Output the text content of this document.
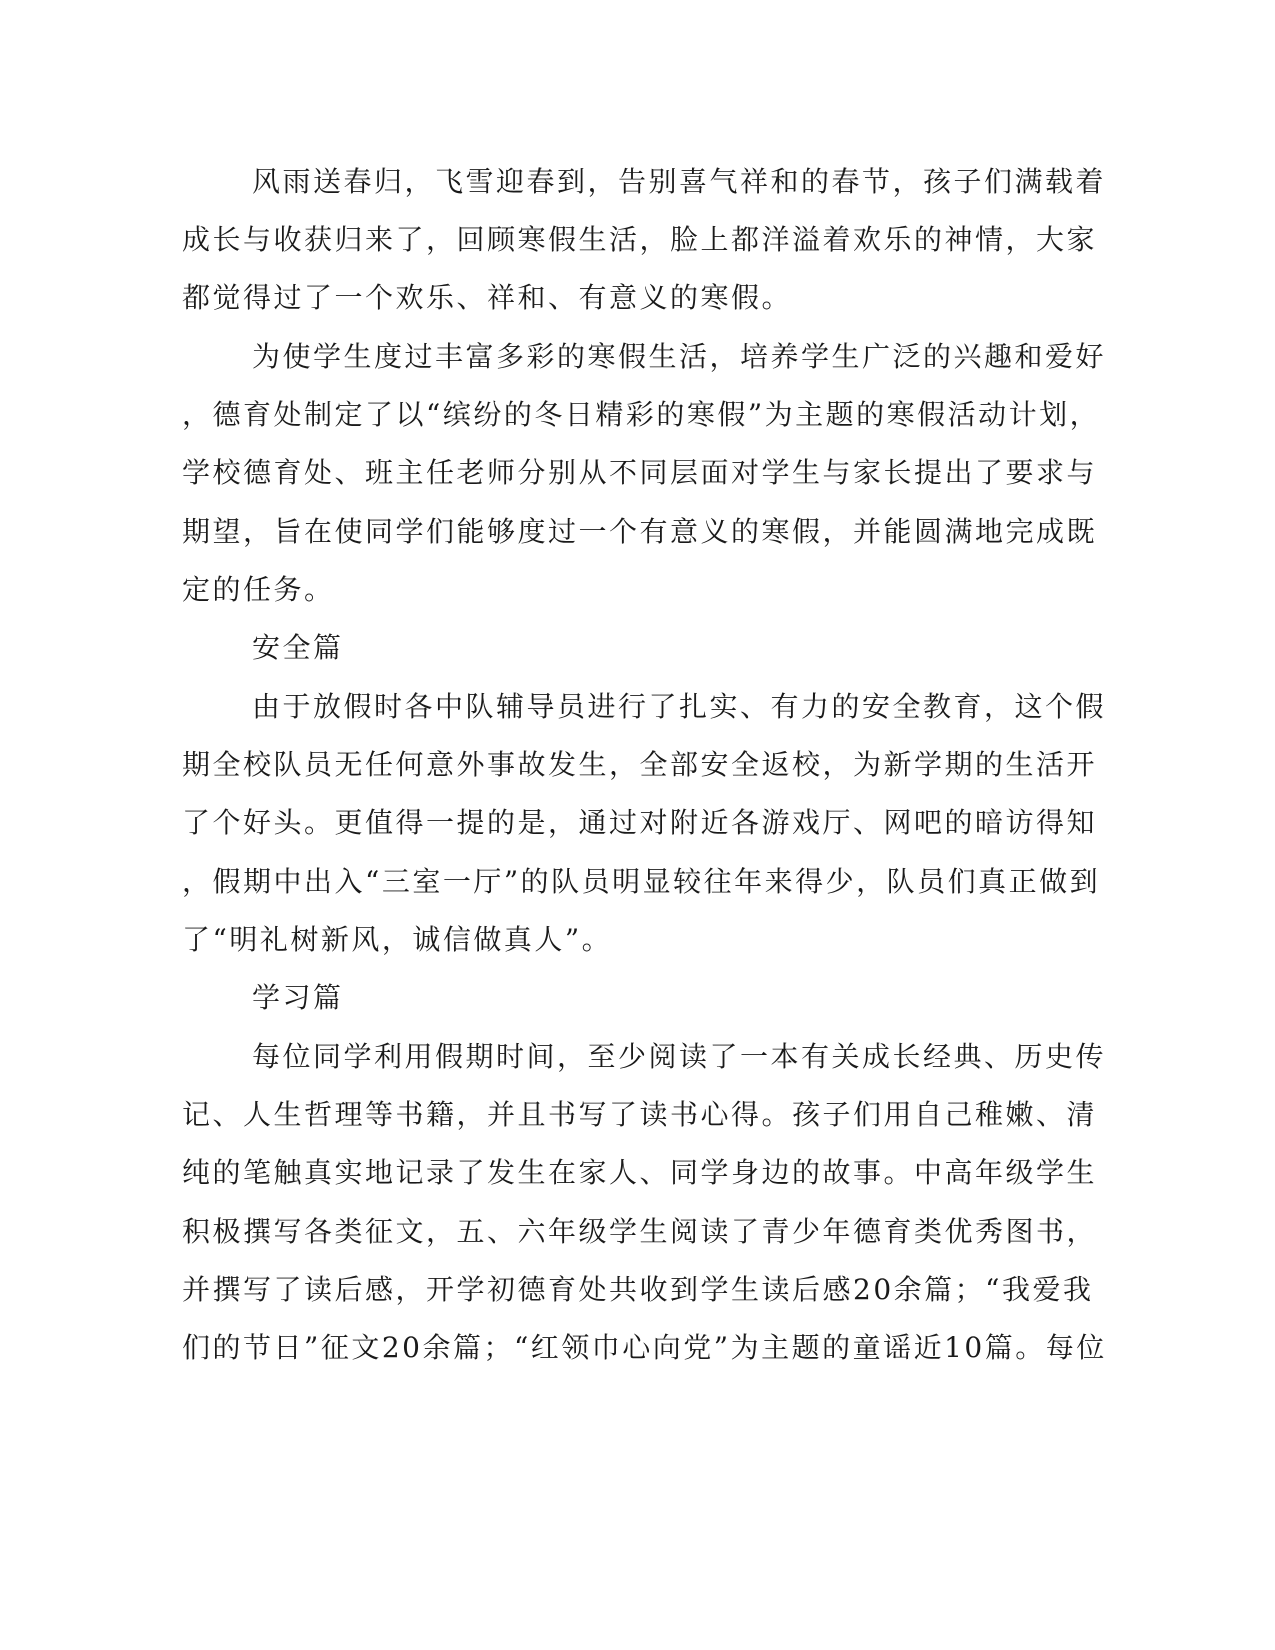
风雨送春归，飞雪迎春到，告别喜气祥和的春节，孩子们满载着
成长与收获归来了，回顾寒假生活，脸上都洋溢着欢乐的神情，大家
都觉得过了一个欢乐、祥和、有意义的寒假。
为使学生度过丰富多彩的寒假生活，培养学生广泛的兴趣和爱好
，德育处制定了以“缤纷的冬日精彩的寒假”为主题的寒假活动计划，
学校德育处、班主任老师分别从不同层面对学生与家长提出了要求与
期望，旨在使同学们能够度过一个有意义的寒假，并能圆满地完成既
定的任务。
安全篇
由于放假时各中队辅导员进行了扎实、有力的安全教育，这个假
期全校队员无任何意外事故发生，全部安全返校，为新学期的生活开
了个好头。更值得一提的是，通过对附近各游戏厅、网吧的暗访得知
，假期中出入“三室一厅”的队员明显较往年来得少，队员们真正做到
了“明礼树新风，诚信做真人”。
学习篇
每位同学利用假期时间，至少阅读了一本有关成长经典、历史传
记、人生哲理等书籍，并且书写了读书心得。孩子们用自己稚嫩、清
纯的笔触真实地记录了发生在家人、同学身边的故事。中高年级学生
积极撰写各类征文，五、六年级学生阅读了青少年德育类优秀图书，
并撰写了读后感，开学初德育处共收到学生读后感20余篇；“我爱我
们的节日”征文20余篇；“红领巾心向党”为主题的童谣近10篇。每位
